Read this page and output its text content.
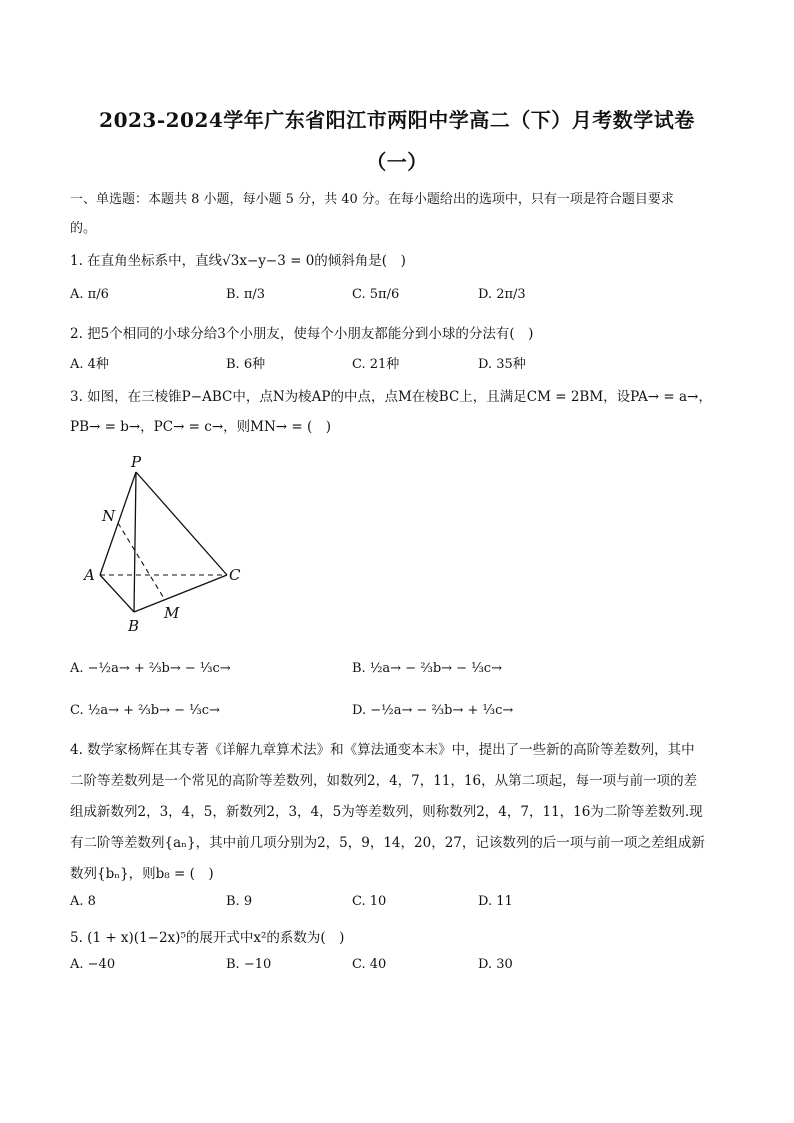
2023-2024学年广东省阳江市两阳中学高二（下）月考数学试卷
（一）
一、单选题：本题共 8 小题，每小题 5 分，共 40 分。在每小题给出的选项中，只有一项是符合题目要求
的。
1. 在直角坐标系中，直线√3x−y−3 = 0的倾斜角是(　)
A. π/6	B. π/3	C. 5π/6	D. 2π/3
2. 把5个相同的小球分给3个小朋友，使每个小朋友都能分到小球的分法有(　)
A. 4种	B. 6种	C. 21种	D. 35种
3. 如图，在三棱锥P−ABC中，点N为棱AP的中点，点M在棱BC上，且满足CM = 2BM，设PA→ = a→，
PB→ = b→，PC→ = c→，则MN→ = (　)
P
N
A	C
B
M
A. −½a→ + ⅔b→ − ⅓c→	B. ½a→ − ⅔b→ − ⅓c→
C. ½a→ + ⅔b→ − ⅓c→	D. −½a→ − ⅔b→ + ⅓c→
4. 数学家杨辉在其专著《详解九章算术法》和《算法通变本末》中，提出了一些新的高阶等差数列，其中
二阶等差数列是一个常见的高阶等差数列，如数列2，4，7，11，16，从第二项起，每一项与前一项的差
组成新数列2，3，4，5，新数列2，3，4，5为等差数列，则称数列2，4，7，11，16为二阶等差数列.现
有二阶等差数列{aₙ}，其中前几项分别为2，5，9，14，20，27，记该数列的后一项与前一项之差组成新
数列{bₙ}，则b₈ = (　)
A. 8	B. 9	C. 10	D. 11
5. (1 + x)(1−2x)⁵的展开式中x²的系数为(　)
A. −40	B. −10	C. 40	D. 30
